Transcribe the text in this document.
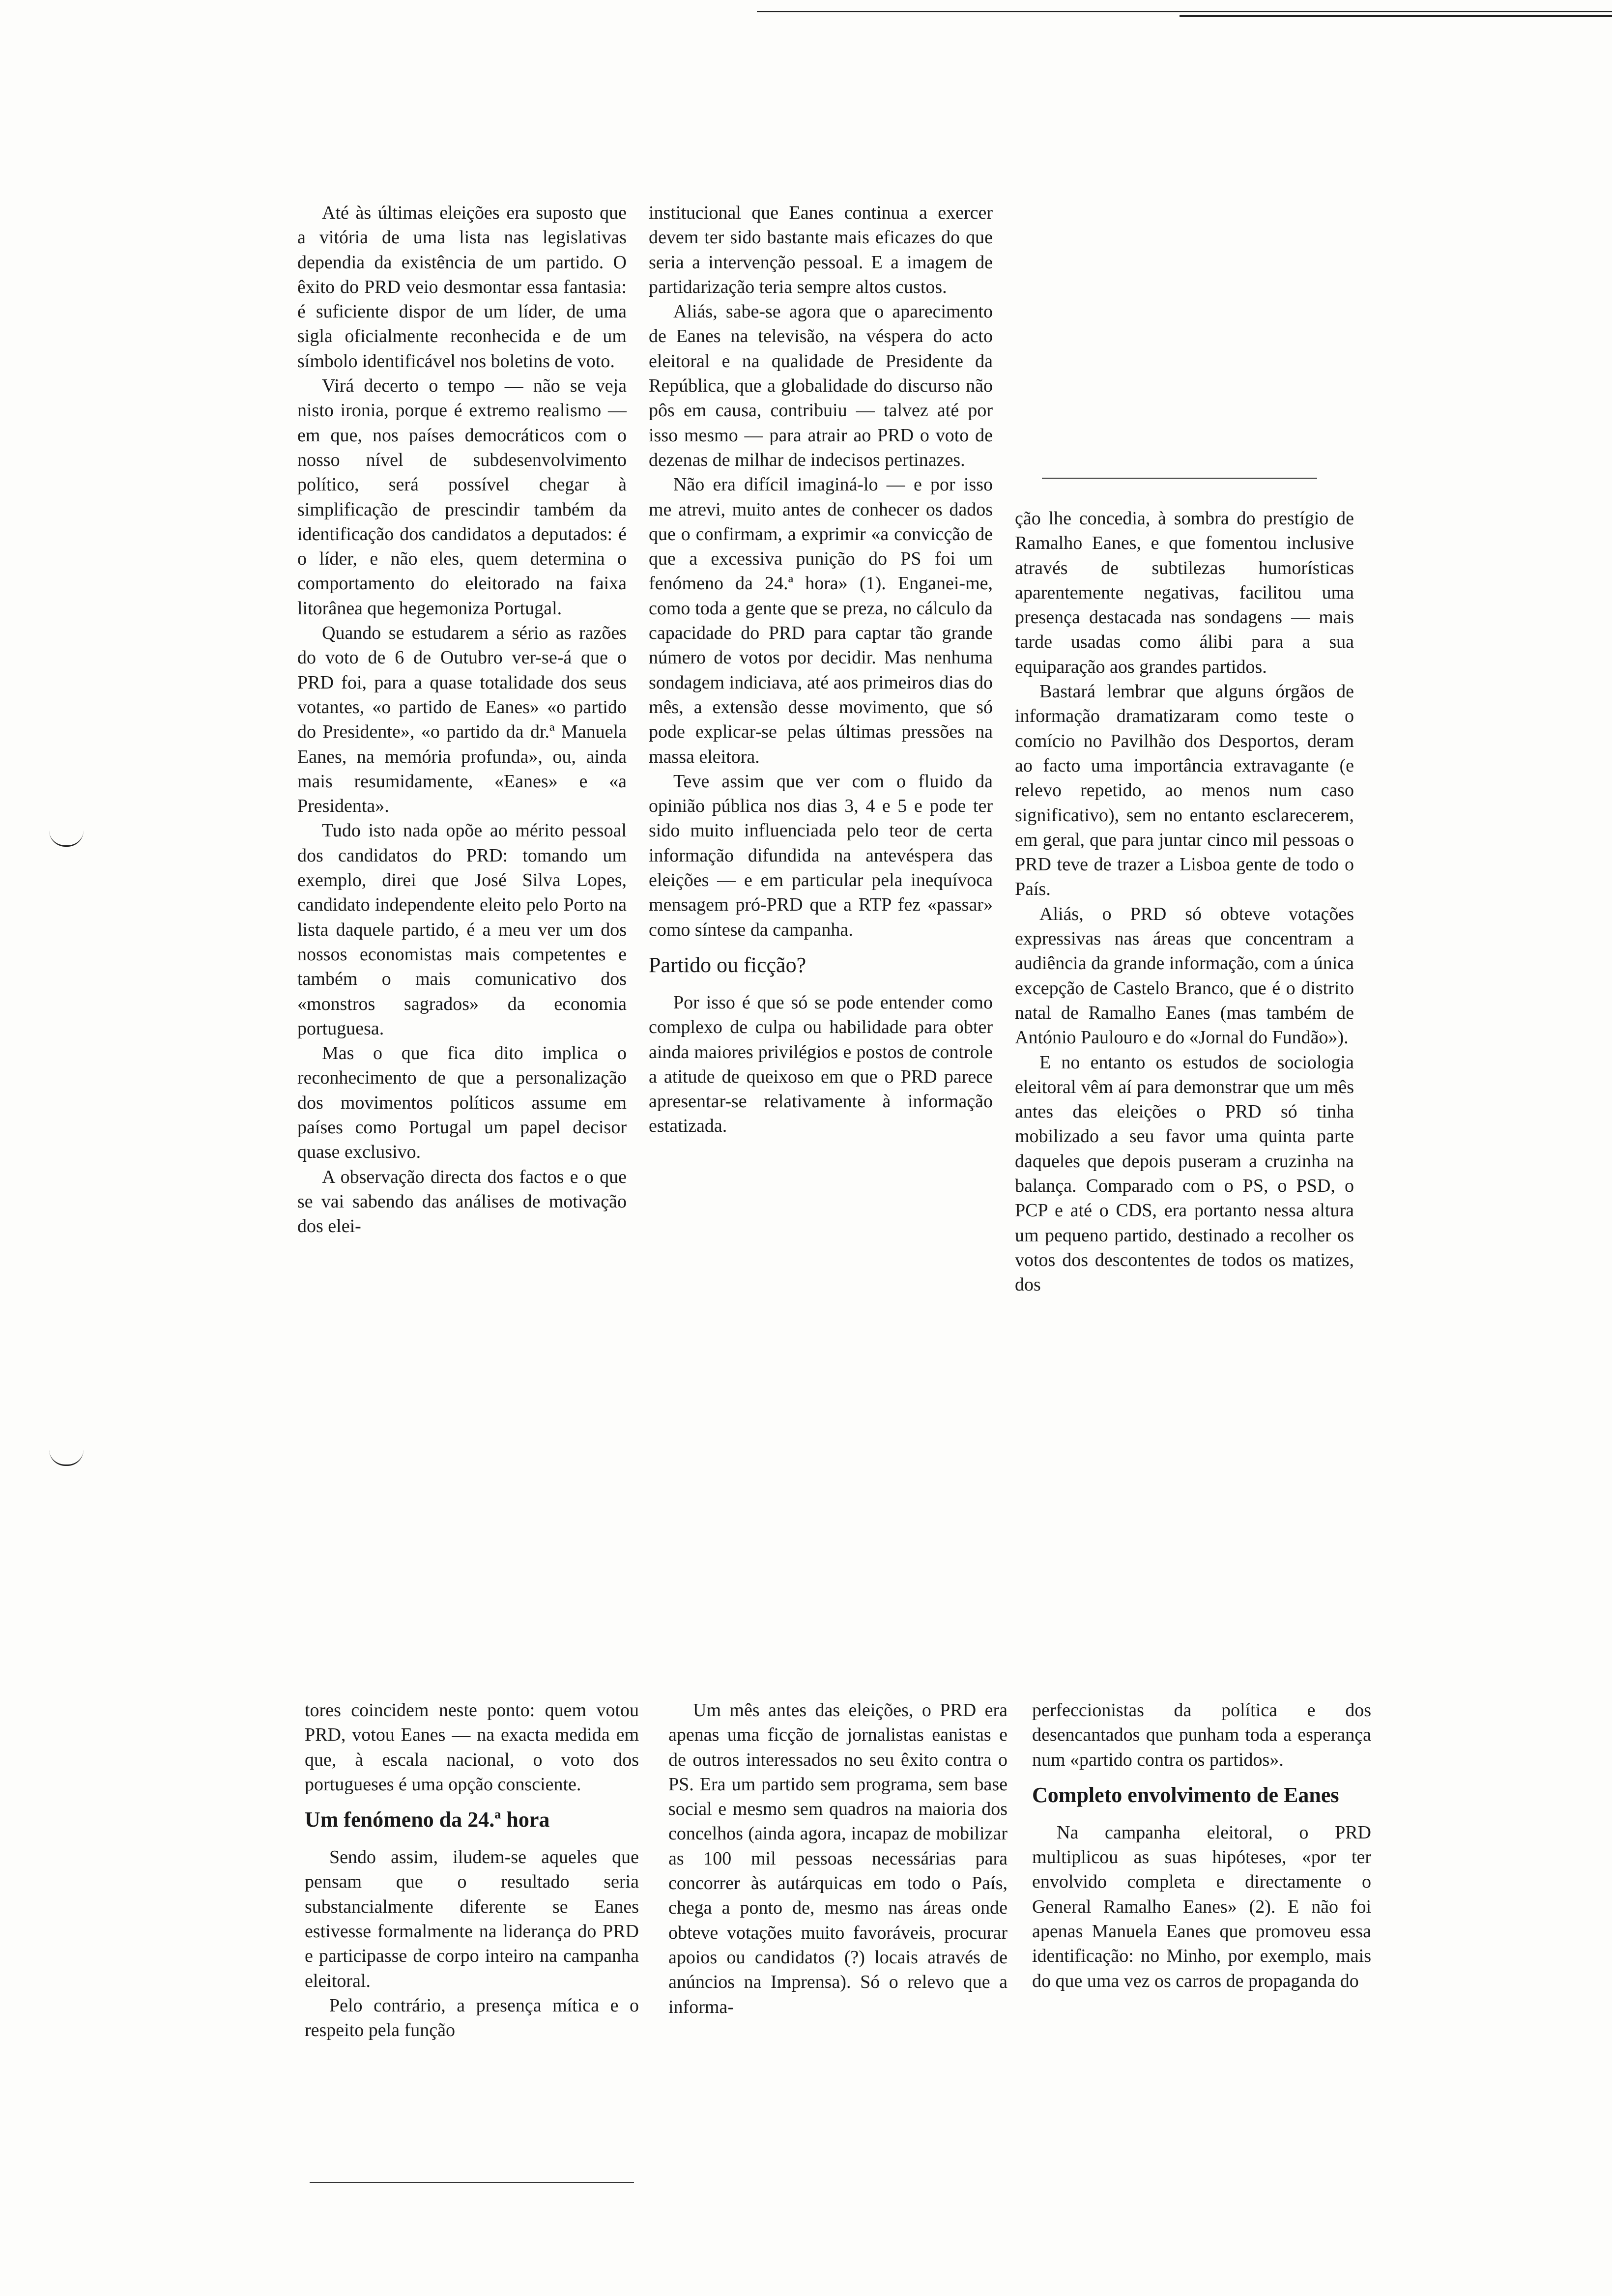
Até às últimas eleições era suposto que a vitória de uma lista nas legislativas dependia da existência de um partido. O êxito do PRD veio desmontar essa fantasia: é suficiente dispor de um líder, de uma sigla oficialmente reconhecida e de um símbolo identificável nos boletins de voto.

Virá decerto o tempo — não se veja nisto ironia, porque é extremo realismo — em que, nos países democráticos com o nosso nível de subdesenvolvimento político, será possível chegar à simplificação de prescindir também da identificação dos candidatos a deputados: é o líder, e não eles, quem determina o comportamento do eleitorado na faixa litorânea que hegemoniza Portugal.

Quando se estudarem a sério as razões do voto de 6 de Outubro ver-se-á que o PRD foi, para a quase totalidade dos seus votantes, «o partido de Eanes» «o partido do Presidente», «o partido da dr.ª Manuela Eanes, na memória profunda», ou, ainda mais resumidamente, «Eanes» e «a Presidenta».

Tudo isto nada opõe ao mérito pessoal dos candidatos do PRD: tomando um exemplo, direi que José Silva Lopes, candidato independente eleito pelo Porto na lista daquele partido, é a meu ver um dos nossos economistas mais competentes e também o mais comunicativo dos «monstros sagrados» da economia portuguesa.

Mas o que fica dito implica o reconhecimento de que a personalização dos movimentos políticos assume em países como Portugal um papel decisor quase exclusivo.

A observação directa dos factos e o que se vai sabendo das análises de motivação dos elei-

institucional que Eanes continua a exercer devem ter sido bastante mais eficazes do que seria a intervenção pessoal. E a imagem de partidarização teria sempre altos custos.

Aliás, sabe-se agora que o aparecimento de Eanes na televisão, na véspera do acto eleitoral e na qualidade de Presidente da República, que a globalidade do discurso não pôs em causa, contribuiu — talvez até por isso mesmo — para atrair ao PRD o voto de dezenas de milhar de indecisos pertinazes.

Não era difícil imaginá-lo — e por isso me atrevi, muito antes de conhecer os dados que o confirmam, a exprimir «a convicção de que a excessiva punição do PS foi um fenómeno da 24.ª hora» (1). Enganei-me, como toda a gente que se preza, no cálculo da capacidade do PRD para captar tão grande número de votos por decidir. Mas nenhuma sondagem indiciava, até aos primeiros dias do mês, a extensão desse movimento, que só pode explicar-se pelas últimas pressões na massa eleitora.

Teve assim que ver com o fluido da opinião pública nos dias 3, 4 e 5 e pode ter sido muito influenciada pelo teor de certa informação difundida na antevéspera das eleições — e em particular pela inequívoca mensagem pró-PRD que a RTP fez «passar» como síntese da campanha.

Partido ou ficção?

Por isso é que só se pode entender como complexo de culpa ou habilidade para obter ainda maiores privilégios e postos de controle a atitude de queixoso em que o PRD parece apresentar-se relativamente à informação estatizada.

ção lhe concedia, à sombra do prestígio de Ramalho Eanes, e que fomentou inclusive através de subtilezas humorísticas aparentemente negativas, facilitou uma presença destacada nas sondagens — mais tarde usadas como álibi para a sua equiparação aos grandes partidos.

Bastará lembrar que alguns órgãos de informação dramatizaram como teste o comício no Pavilhão dos Desportos, deram ao facto uma importância extravagante (e relevo repetido, ao menos num caso significativo), sem no entanto esclarecerem, em geral, que para juntar cinco mil pessoas o PRD teve de trazer a Lisboa gente de todo o País.

Aliás, o PRD só obteve votações expressivas nas áreas que concentram a audiência da grande informação, com a única excepção de Castelo Branco, que é o distrito natal de Ramalho Eanes (mas também de António Paulouro e do «Jornal do Fundão»).

E no entanto os estudos de sociologia eleitoral vêm aí para demonstrar que um mês antes das eleições o PRD só tinha mobilizado a seu favor uma quinta parte daqueles que depois puseram a cruzinha na balança. Comparado com o PS, o PSD, o PCP e até o CDS, era portanto nessa altura um pequeno partido, destinado a recolher os votos dos descontentes de todos os matizes, dos

tores coincidem neste ponto: quem votou PRD, votou Eanes — na exacta medida em que, à escala nacional, o voto dos portugueses é uma opção consciente.

Um fenómeno da 24.ª hora

Sendo assim, iludem-se aqueles que pensam que o resultado seria substancialmente diferente se Eanes estivesse formalmente na liderança do PRD e participasse de corpo inteiro na campanha eleitoral.

Pelo contrário, a presença mítica e o respeito pela função

Um mês antes das eleições, o PRD era apenas uma ficção de jornalistas eanistas e de outros interessados no seu êxito contra o PS. Era um partido sem programa, sem base social e mesmo sem quadros na maioria dos concelhos (ainda agora, incapaz de mobilizar as 100 mil pessoas necessárias para concorrer às autárquicas em todo o País, chega a ponto de, mesmo nas áreas onde obteve votações muito favoráveis, procurar apoios ou candidatos (?) locais através de anúncios na Imprensa). Só o relevo que a informa-

perfeccionistas da política e dos desencantados que punham toda a esperança num «partido contra os partidos».

Completo envolvimento de Eanes

Na campanha eleitoral, o PRD multiplicou as suas hipóteses, «por ter envolvido completa e directamente o General Ramalho Eanes» (2). E não foi apenas Manuela Eanes que promoveu essa identificação: no Minho, por exemplo, mais do que uma vez os carros de propaganda do
